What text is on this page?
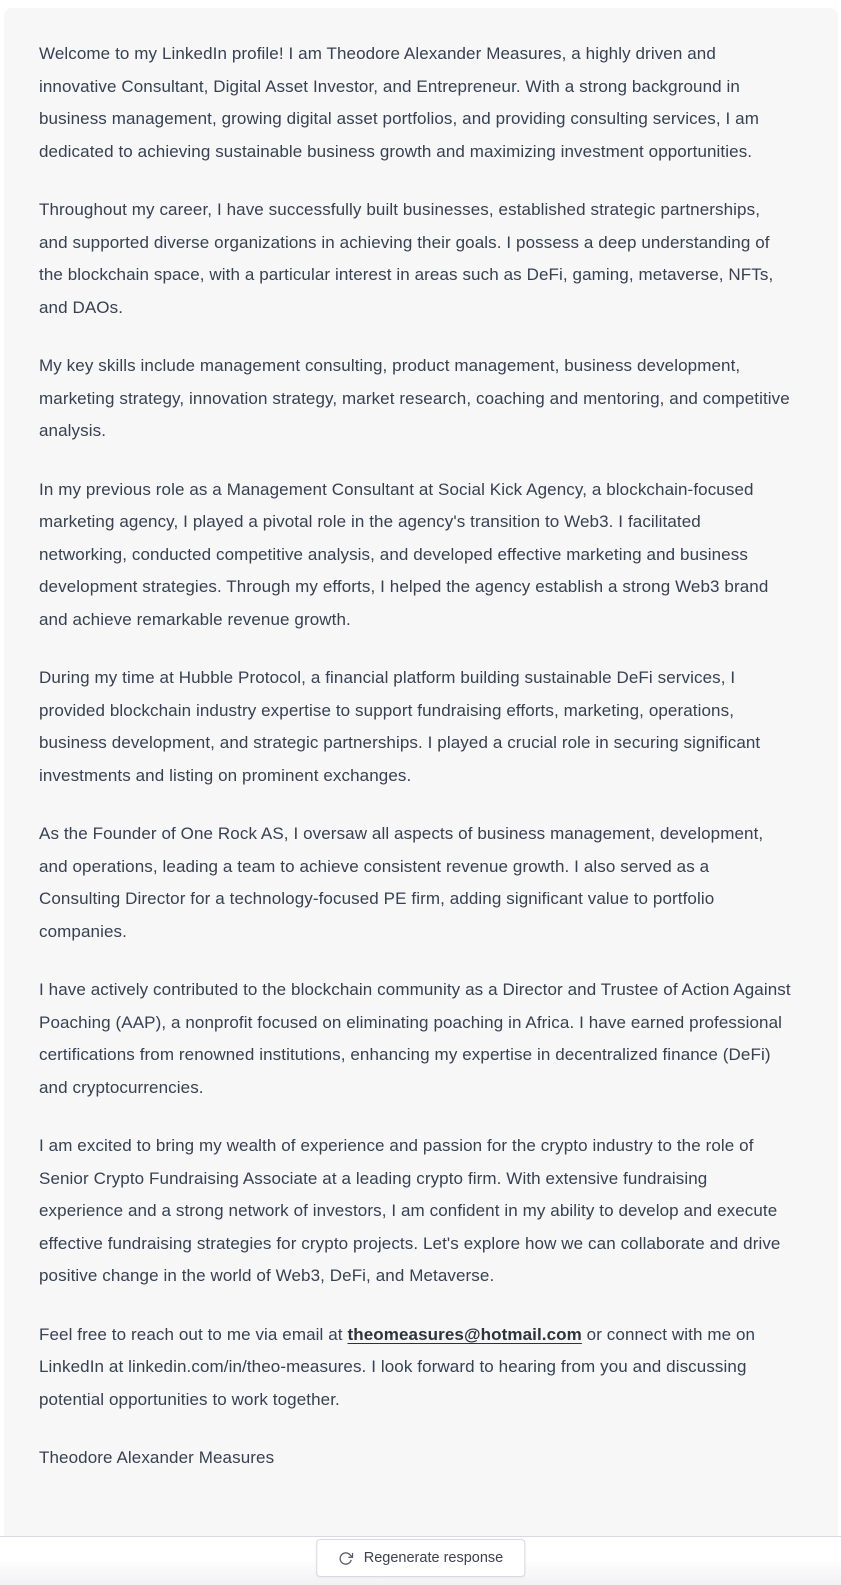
Welcome to my LinkedIn profile! I am Theodore Alexander Measures, a highly driven and innovative Consultant, Digital Asset Investor, and Entrepreneur. With a strong background in business management, growing digital asset portfolios, and providing consulting services, I am dedicated to achieving sustainable business growth and maximizing investment opportunities.

Throughout my career, I have successfully built businesses, established strategic partnerships, and supported diverse organizations in achieving their goals. I possess a deep understanding of the blockchain space, with a particular interest in areas such as DeFi, gaming, metaverse, NFTs, and DAOs.

My key skills include management consulting, product management, business development, marketing strategy, innovation strategy, market research, coaching and mentoring, and competitive analysis.

In my previous role as a Management Consultant at Social Kick Agency, a blockchain-focused marketing agency, I played a pivotal role in the agency's transition to Web3. I facilitated networking, conducted competitive analysis, and developed effective marketing and business development strategies. Through my efforts, I helped the agency establish a strong Web3 brand and achieve remarkable revenue growth.

During my time at Hubble Protocol, a financial platform building sustainable DeFi services, I provided blockchain industry expertise to support fundraising efforts, marketing, operations, business development, and strategic partnerships. I played a crucial role in securing significant investments and listing on prominent exchanges.

As the Founder of One Rock AS, I oversaw all aspects of business management, development, and operations, leading a team to achieve consistent revenue growth. I also served as a Consulting Director for a technology-focused PE firm, adding significant value to portfolio companies.

I have actively contributed to the blockchain community as a Director and Trustee of Action Against Poaching (AAP), a nonprofit focused on eliminating poaching in Africa. I have earned professional certifications from renowned institutions, enhancing my expertise in decentralized finance (DeFi) and cryptocurrencies.

I am excited to bring my wealth of experience and passion for the crypto industry to the role of Senior Crypto Fundraising Associate at a leading crypto firm. With extensive fundraising experience and a strong network of investors, I am confident in my ability to develop and execute effective fundraising strategies for crypto projects. Let's explore how we can collaborate and drive positive change in the world of Web3, DeFi, and Metaverse.

Feel free to reach out to me via email at theomeasures@hotmail.com or connect with me on LinkedIn at linkedin.com/in/theo-measures. I look forward to hearing from you and discussing potential opportunities to work together.

Theodore Alexander Measures

Regenerate response
